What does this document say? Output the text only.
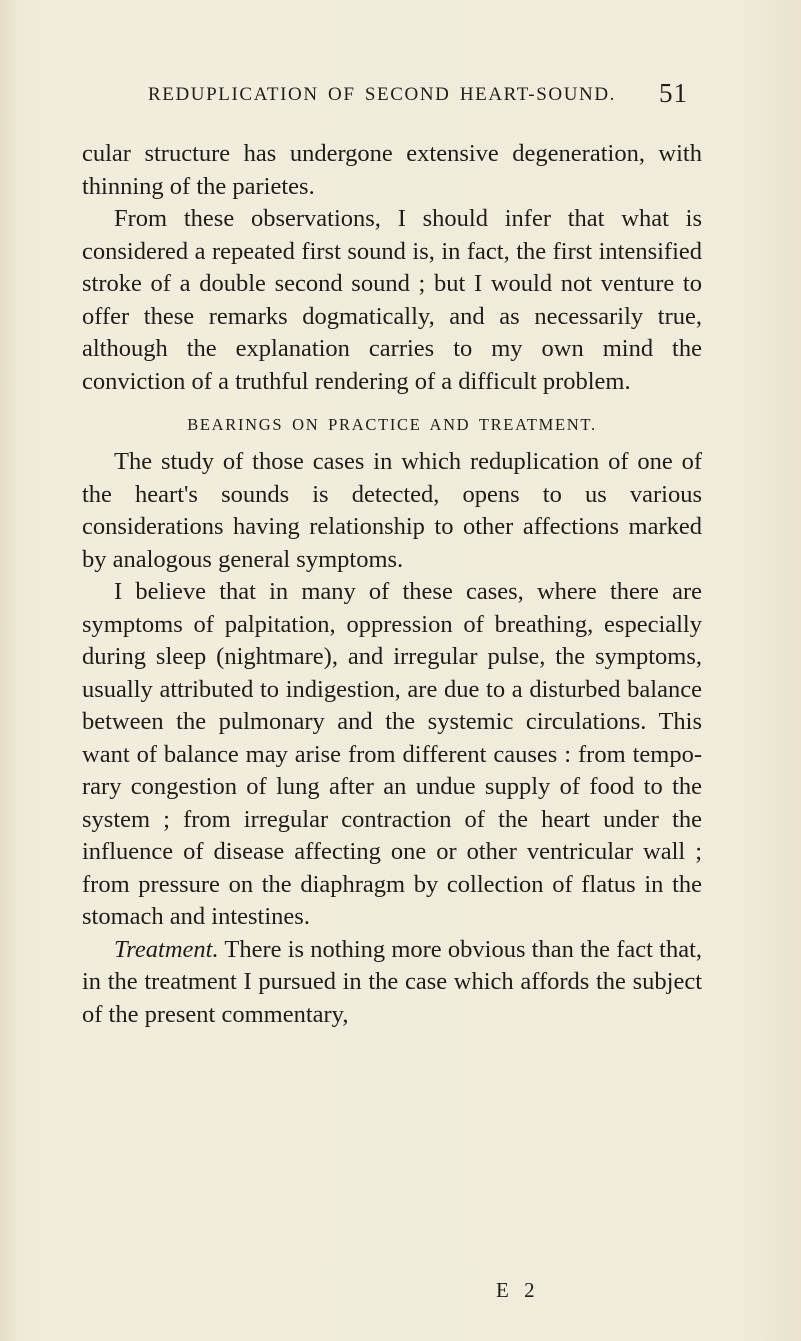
REDUPLICATION OF SECOND HEART-SOUND. 51

cular structure has undergone extensive degeneration, with thinning of the parietes.

From these observations, I should infer that what is considered a repeated first sound is, in fact, the first intensified stroke of a double second sound ; but I would not venture to offer these remarks dogmatically, and as necessarily true, although the explanation carries to my own mind the conviction of a truthful rendering of a difficult problem.

BEARINGS ON PRACTICE AND TREATMENT.

The study of those cases in which reduplication of one of the heart's sounds is detected, opens to us various considerations having relationship to other affections marked by analogous general symptoms.

I believe that in many of these cases, where there are symptoms of palpitation, oppression of breathing, especially during sleep (nightmare), and irregular pulse, the symptoms, usually attributed to indigestion, are due to a disturbed balance between the pulmonary and the systemic circulations. This want of balance may arise from different causes : from temporary congestion of lung after an undue supply of food to the system ; from irregular contraction of the heart under the influence of disease affecting one or other ventricular wall ; from pressure on the diaphragm by collection of flatus in the stomach and intestines.

Treatment. There is nothing more obvious than the fact that, in the treatment I pursued in the case which affords the subject of the present commentary,

E 2
